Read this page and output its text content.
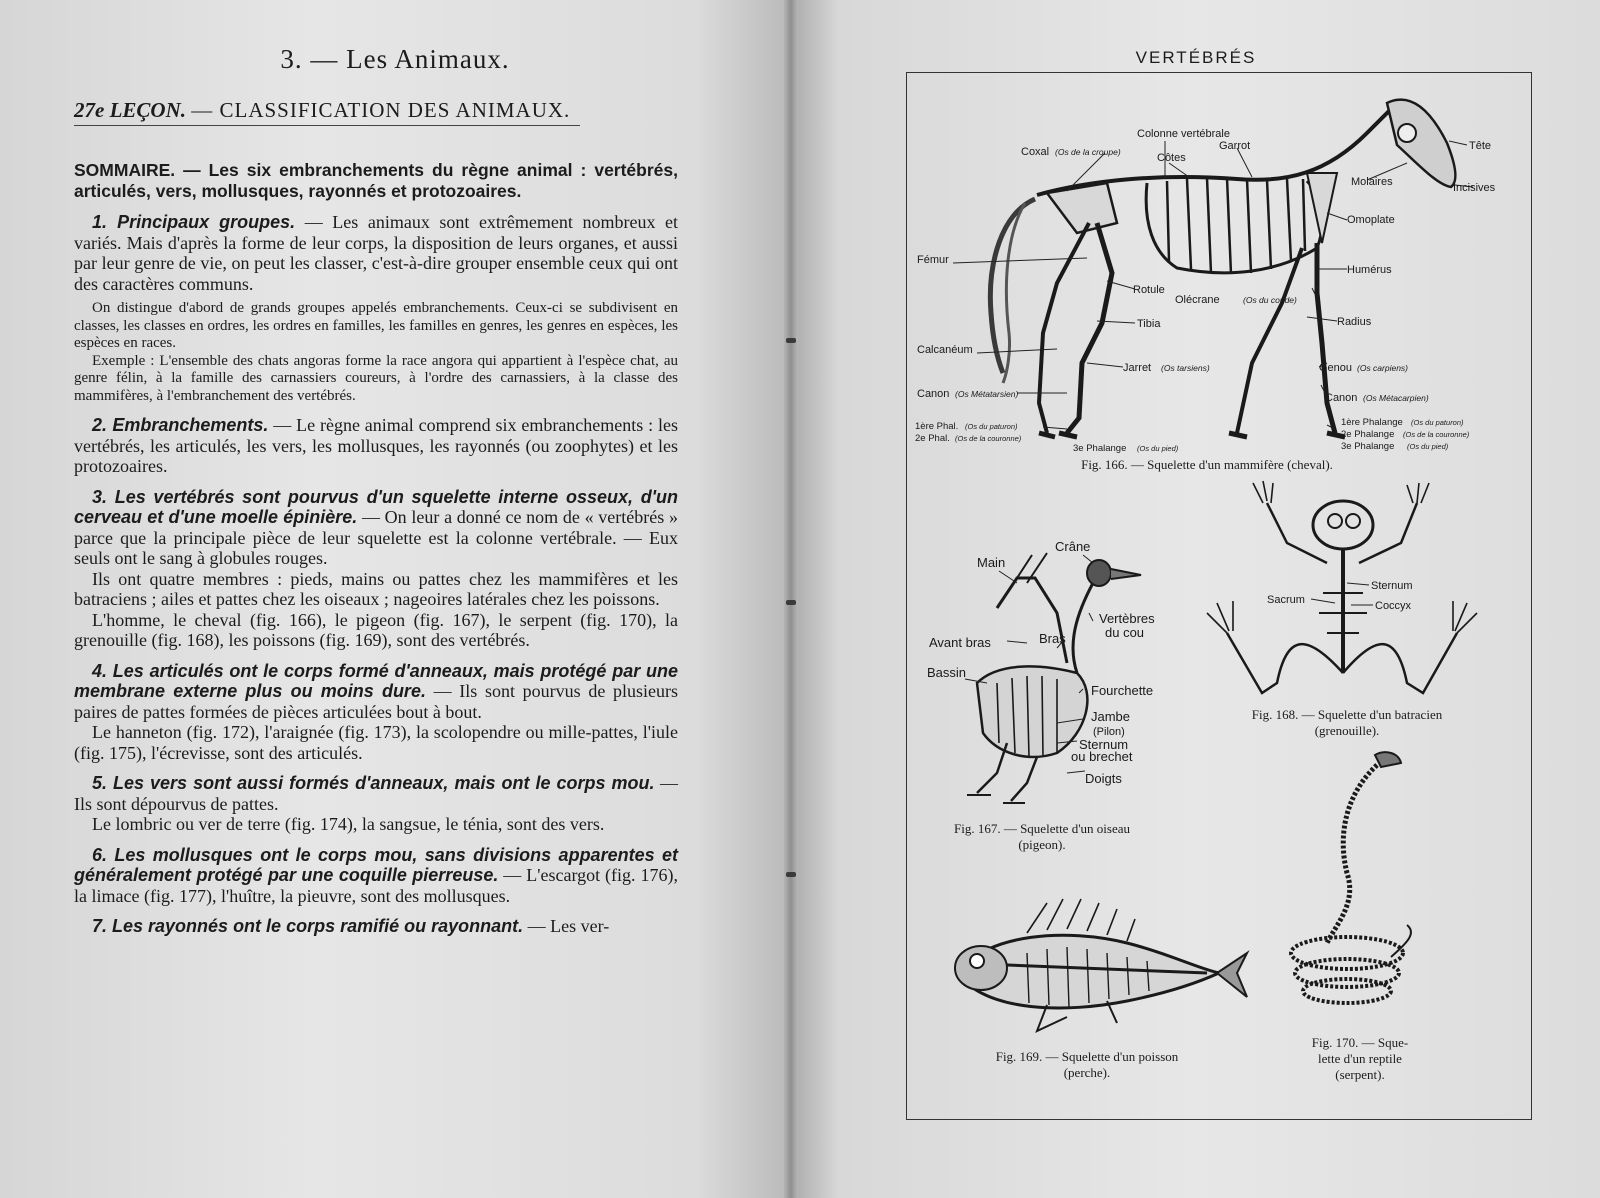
3. — Les Animaux.
27e LEÇON. — CLASSIFICATION DES ANIMAUX.

SOMMAIRE. — Les six embranchements du règne animal : vertébrés, articulés, vers, mollusques, rayonnés et protozoaires.

1. Principaux groupes. — Les animaux sont extrêmement nombreux et variés. Mais d'après la forme de leur corps, la disposition de leurs organes, et aussi par leur genre de vie, on peut les classer, c'est-à-dire grouper ensemble ceux qui ont des caractères communs.

On distingue d'abord de grands groupes appelés embranchements. Ceux-ci se subdivisent en classes, les classes en ordres, les ordres en familles, les familles en genres, les genres en espèces, les espèces en races.

Exemple : L'ensemble des chats angoras forme la race angora qui appartient à l'espèce chat, au genre félin, à la famille des carnassiers coureurs, à l'ordre des carnassiers, à la classe des mammifères, à l'embranchement des vertébrés.

2. Embranchements. — Le règne animal comprend six embranchements : les vertébrés, les articulés, les vers, les mollusques, les rayonnés (ou zoophytes) et les protozoaires.

3. Les vertébrés sont pourvus d'un squelette interne osseux, d'un cerveau et d'une moelle épinière. — On leur a donné ce nom de « vertébrés » parce que la principale pièce de leur squelette est la colonne vertébrale. — Eux seuls ont le sang à globules rouges.

Ils ont quatre membres : pieds, mains ou pattes chez les mammifères et les batraciens ; ailes et pattes chez les oiseaux ; nageoires latérales chez les poissons.

L'homme, le cheval (fig. 166), le pigeon (fig. 167), le serpent (fig. 170), la grenouille (fig. 168), les poissons (fig. 169), sont des vertébrés.

4. Les articulés ont le corps formé d'anneaux, mais protégé par une membrane externe plus ou moins dure. — Ils sont pourvus de plusieurs paires de pattes formées de pièces articulées bout à bout.

Le hanneton (fig. 172), l'araignée (fig. 173), la scolopendre ou mille-pattes, l'iule (fig. 175), l'écrevisse, sont des articulés.

5. Les vers sont aussi formés d'anneaux, mais ont le corps mou. — Ils sont dépourvus de pattes.

Le lombric ou ver de terre (fig. 174), la sangsue, le ténia, sont des vers.

6. Les mollusques ont le corps mou, sans divisions apparentes et généralement protégé par une coquille pierreuse. — L'escargot (fig. 176), la limace (fig. 177), l'huître, la pieuvre, sont des mollusques.

7. Les rayonnés ont le corps ramifié ou rayonnant. — Les ver-

VERTÉBRÉS
Colonne vertébrale
Coxal (Os de la croupe)	Côtes
Garrot	Tête
Molaires	Incisives
Omoplate
Fémur
Humérus
Rotule
Olécrane	(Os du coude)
Tibia	Radius
Calcanéum
Jarret (Os tarsiens)	Genou (Os carpiens)
Canon (Os Métatarsien)	Canon (Os Métacarpien)
1ère Phal. (Os du paturon)
2e Phal. (Os de la couronne)
3e Phalange (Os du pied)
1ère Phalange (Os du paturon)
2e Phalange (Os de la couronne)
3e Phalange (Os du pied)
Crâne
Main
Vertèbres
du cou
Avant bras	Bras
Bassin
Fourchette
Jambe
(Pilon)
Sternum
ou brechet
Doigts
Sternum
Sacrum	Coccyx
Fig. 166. — Squelette d'un mammifère (cheval).
Fig. 167. — Squelette d'un oiseau
(pigeon).
Fig. 168. — Squelette d'un batracien
(grenouille).
Fig. 169. — Squelette d'un poisson
(perche).
Fig. 170. — Sque-
lette d'un reptile
(serpent).
